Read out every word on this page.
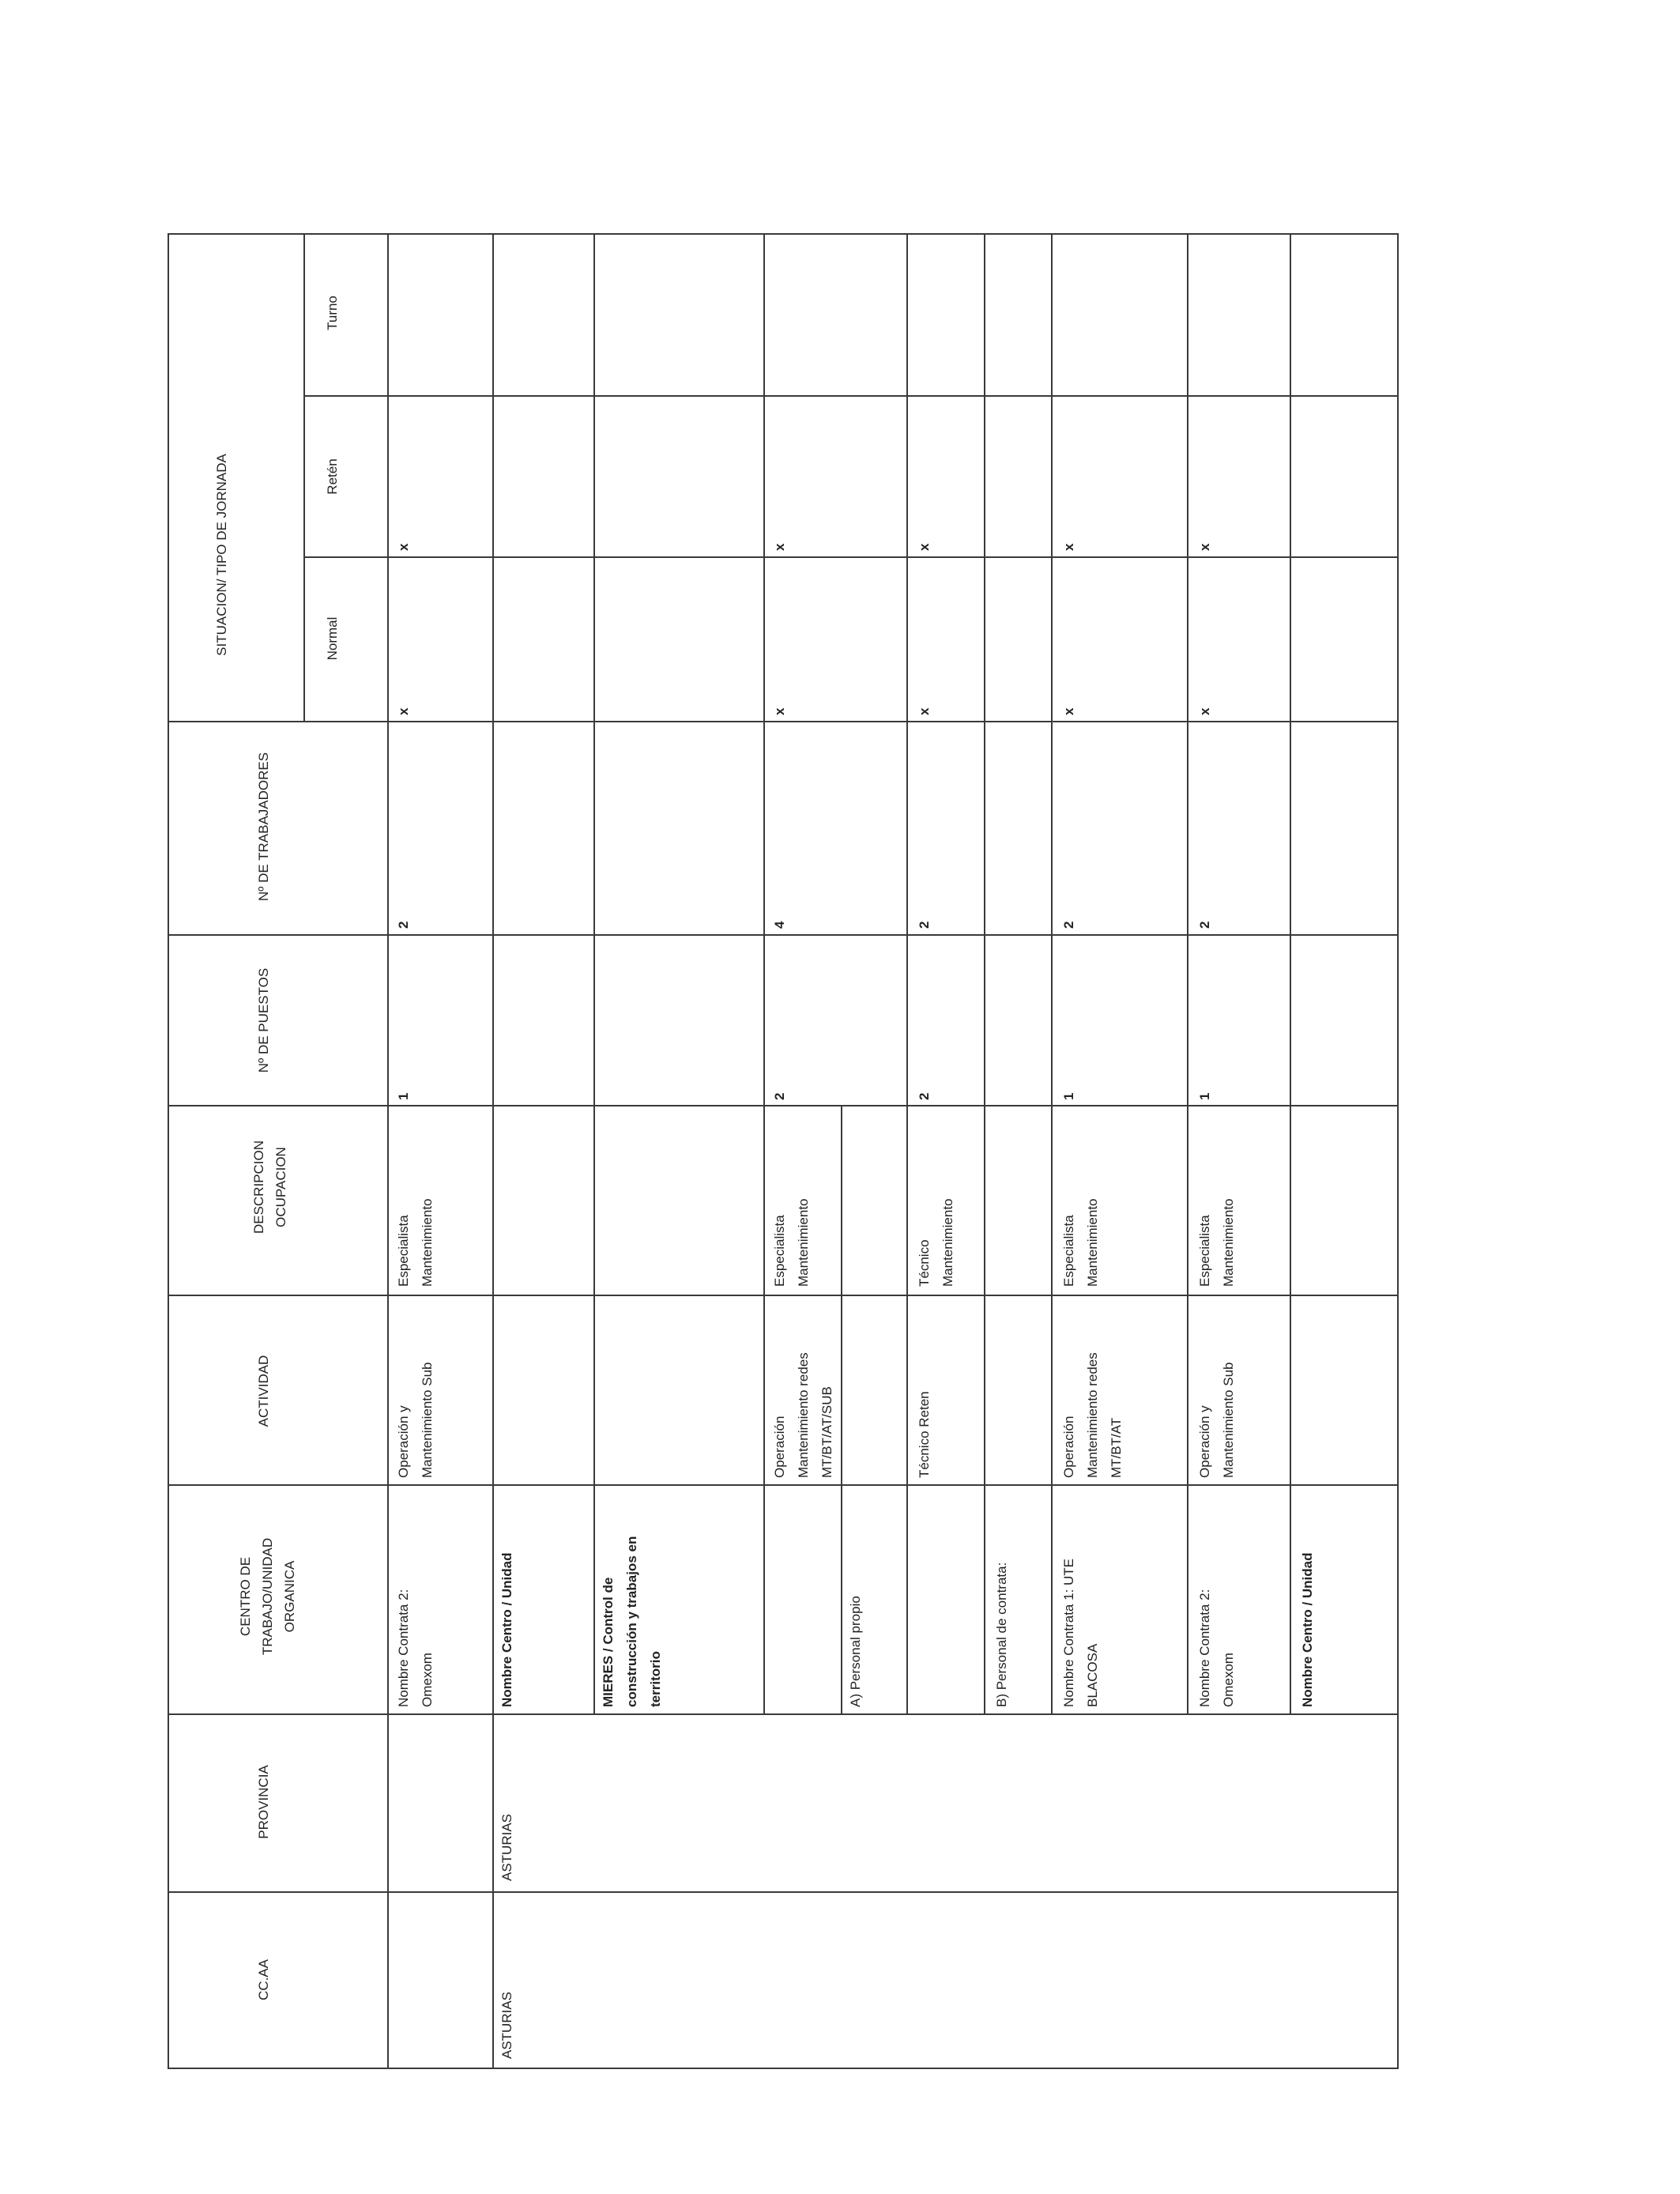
SITUACION/ TIPO DE JORNADA
Turno
Retén
Normal
Nº DE TRABAJADORES
Nº DE PUESTOS
DESCRIPCION OCUPACION
ACTIVIDAD
CENTRO DE TRABAJO/UNIDAD ORGANICA
PROVINCIA
CC.AA
ASTURIAS
ASTURIAS
Nombre Contrata 2: Omexom
Operación y Mantenimiento Sub
Especialista Mantenimiento
1
2
x
x
Nombre Centro / Unidad	MIERES / Control de construcción y trabajos en territorio
Operación Mantenimiento redes MT/BT/AT/SUB
Especialista Mantenimiento
2
4
x
x
A) Personal propio
Técnico Reten
Técnico Mantenimiento
2
2
x
x
B) Personal de contrata:	Nombre Contrata 1: UTE BLACOSA
Operación Mantenimiento redes MT/BT/AT
Especialista Mantenimiento
1
2
x
x
Nombre Contrata 2: Omexom
Operación y Mantenimiento Sub
Especialista Mantenimiento
1
2
x
x
Nombre Centro / Unidad
